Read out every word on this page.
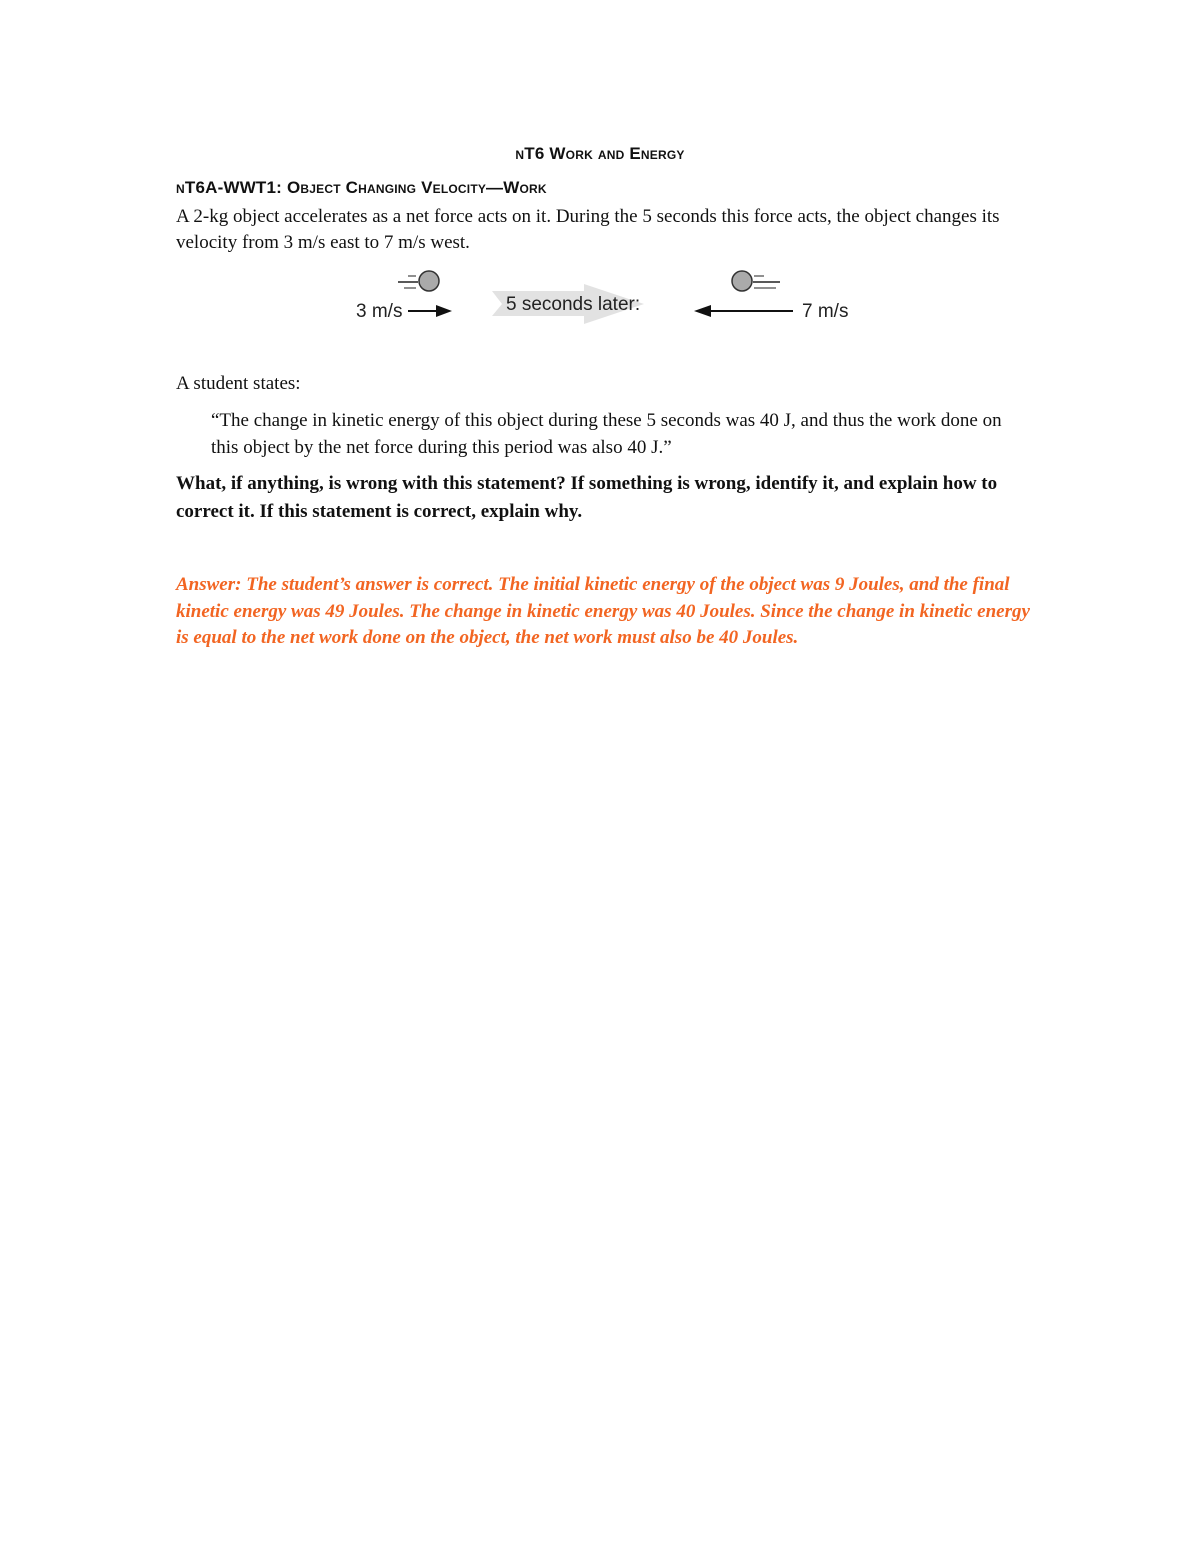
nT6 Work and Energy
nT6A-WWT1: Object Changing Velocity—Work

A 2-kg object accelerates as a net force acts on it. During the 5 seconds this force acts, the object changes its velocity from 3 m/s east to 7 m/s west.

3 m/s	5 seconds later:	7 m/s

A student states:

“The change in kinetic energy of this object during these 5 seconds was 40 J, and thus the work done on this object by the net force during this period was also 40 J.”

What, if anything, is wrong with this statement? If something is wrong, identify it, and explain how to correct it. If this statement is correct, explain why.

Answer: The student’s answer is correct. The initial kinetic energy of the object was 9 Joules, and the final kinetic energy was 49 Joules. The change in kinetic energy was 40 Joules. Since the change in kinetic energy is equal to the net work done on the object, the net work must also be 40 Joules.
